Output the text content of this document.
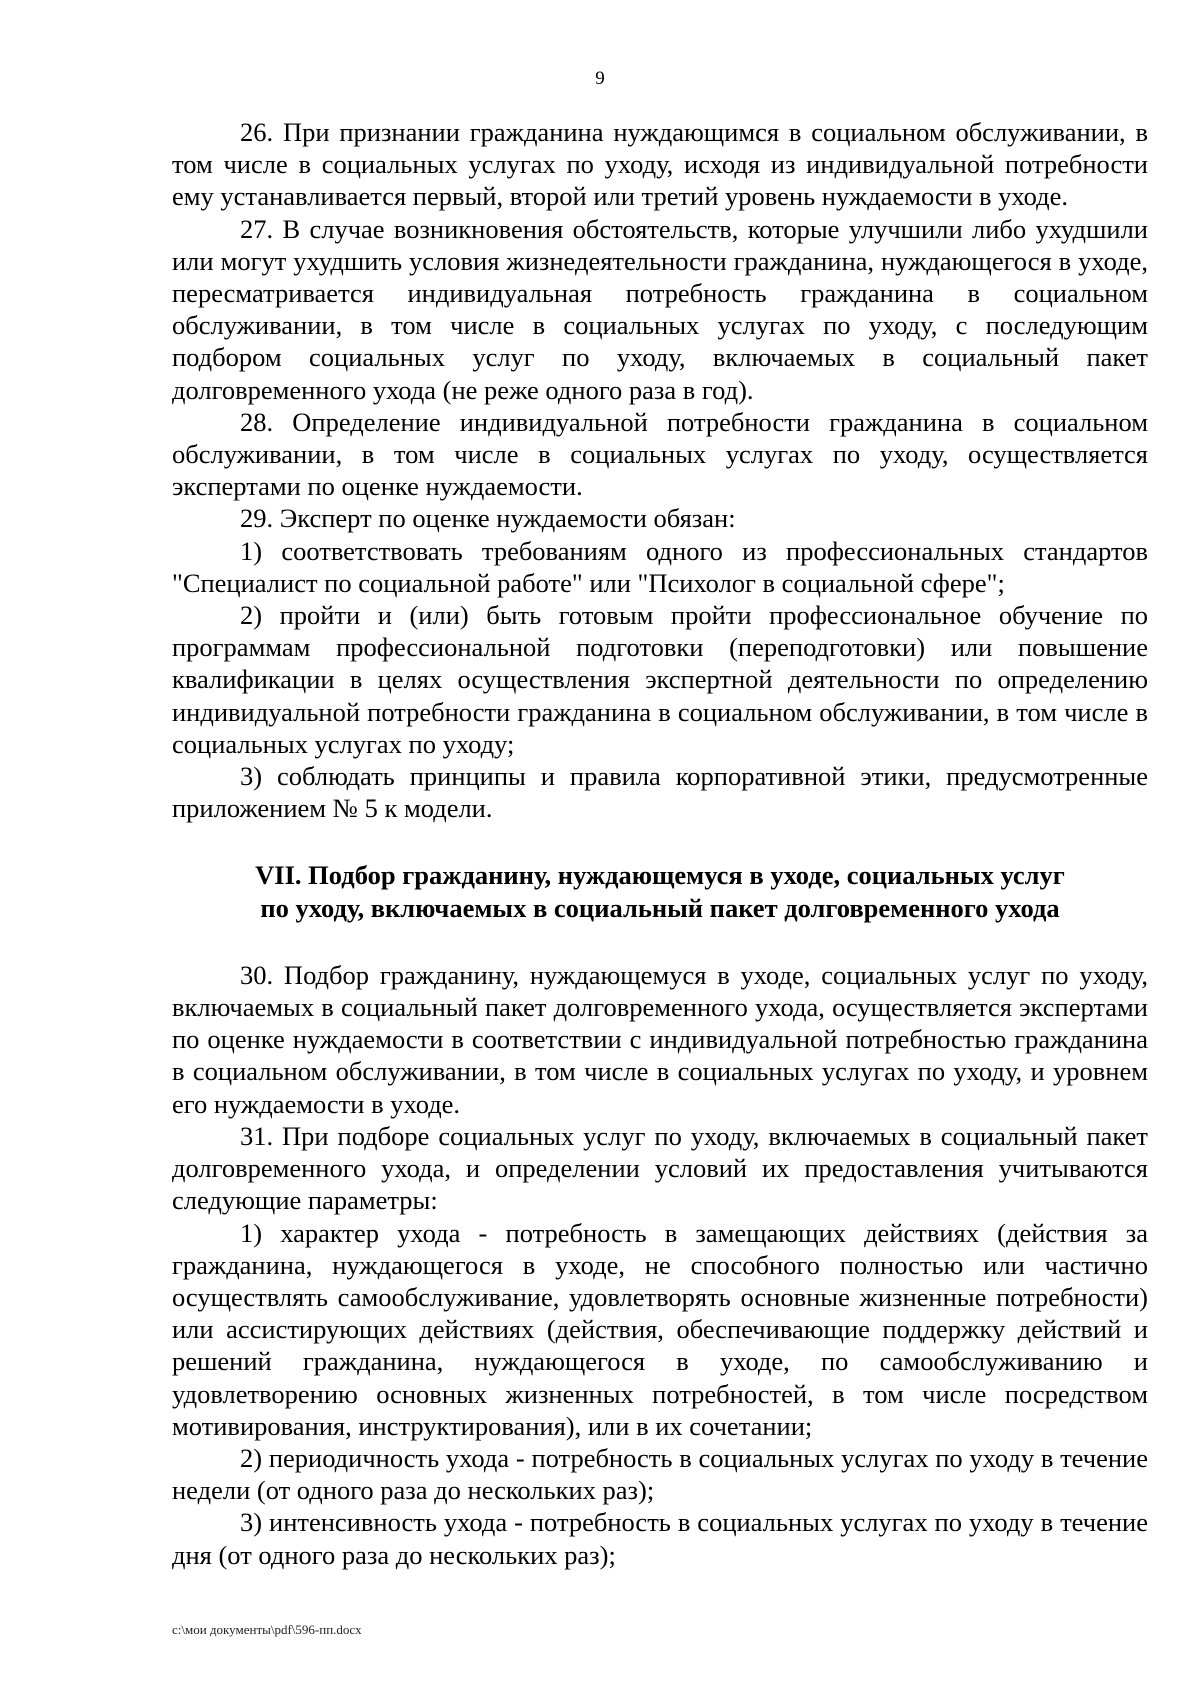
9

26. При признании гражданина нуждающимся в социальном обслуживании, в том числе в социальных услугах по уходу, исходя из индивидуальной потребности ему устанавливается первый, второй или третий уровень нуждаемости в уходе.

27. В случае возникновения обстоятельств, которые улучшили либо ухудшили или могут ухудшить условия жизнедеятельности гражданина, нуждающегося в уходе, пересматривается индивидуальная потребность гражданина в социальном обслуживании, в том числе в социальных услугах по уходу, с последующим подбором социальных услуг по уходу, включаемых в социальный пакет долговременного ухода (не реже одного раза в год).

28. Определение индивидуальной потребности гражданина в социальном обслуживании, в том числе в социальных услугах по уходу, осуществляется экспертами по оценке нуждаемости.

29. Эксперт по оценке нуждаемости обязан:

1) соответствовать требованиям одного из профессиональных стандартов "Специалист по социальной работе" или "Психолог в социальной сфере";

2) пройти и (или) быть готовым пройти профессиональное обучение по программам профессиональной подготовки (переподготовки) или повышение квалификации в целях осуществления экспертной деятельности по определению индивидуальной потребности гражданина в социальном обслуживании, в том числе в социальных услугах по уходу;

3) соблюдать принципы и правила корпоративной этики, предусмотренные приложением № 5 к модели.

VII. Подбор гражданину, нуждающемуся в уходе, социальных услуг

по уходу, включаемых в социальный пакет долговременного ухода

30. Подбор гражданину, нуждающемуся в уходе, социальных услуг по уходу, включаемых в социальный пакет долговременного ухода, осуществляется экспертами по оценке нуждаемости в соответствии с индивидуальной потребностью гражданина в социальном обслуживании, в том числе в социальных услугах по уходу, и уровнем его нуждаемости в уходе.

31. При подборе социальных услуг по уходу, включаемых в социальный пакет долговременного ухода, и определении условий их предоставления учитываются следующие параметры:

1) характер ухода - потребность в замещающих действиях (действия за гражданина, нуждающегося в уходе, не способного полностью или частично осуществлять самообслуживание, удовлетворять основные жизненные потребности) или ассистирующих действиях (действия, обеспечивающие поддержку действий и решений гражданина, нуждающегося в уходе, по самообслуживанию и удовлетворению основных жизненных потребностей, в том числе посредством мотивирования, инструктирования), или в их сочетании;

2) периодичность ухода - потребность в социальных услугах по уходу в течение недели (от одного раза до нескольких раз);

3) интенсивность ухода - потребность в социальных услугах по уходу в течение дня (от одного раза до нескольких раз);

c:\мои документы\pdf\596-пп.docx
